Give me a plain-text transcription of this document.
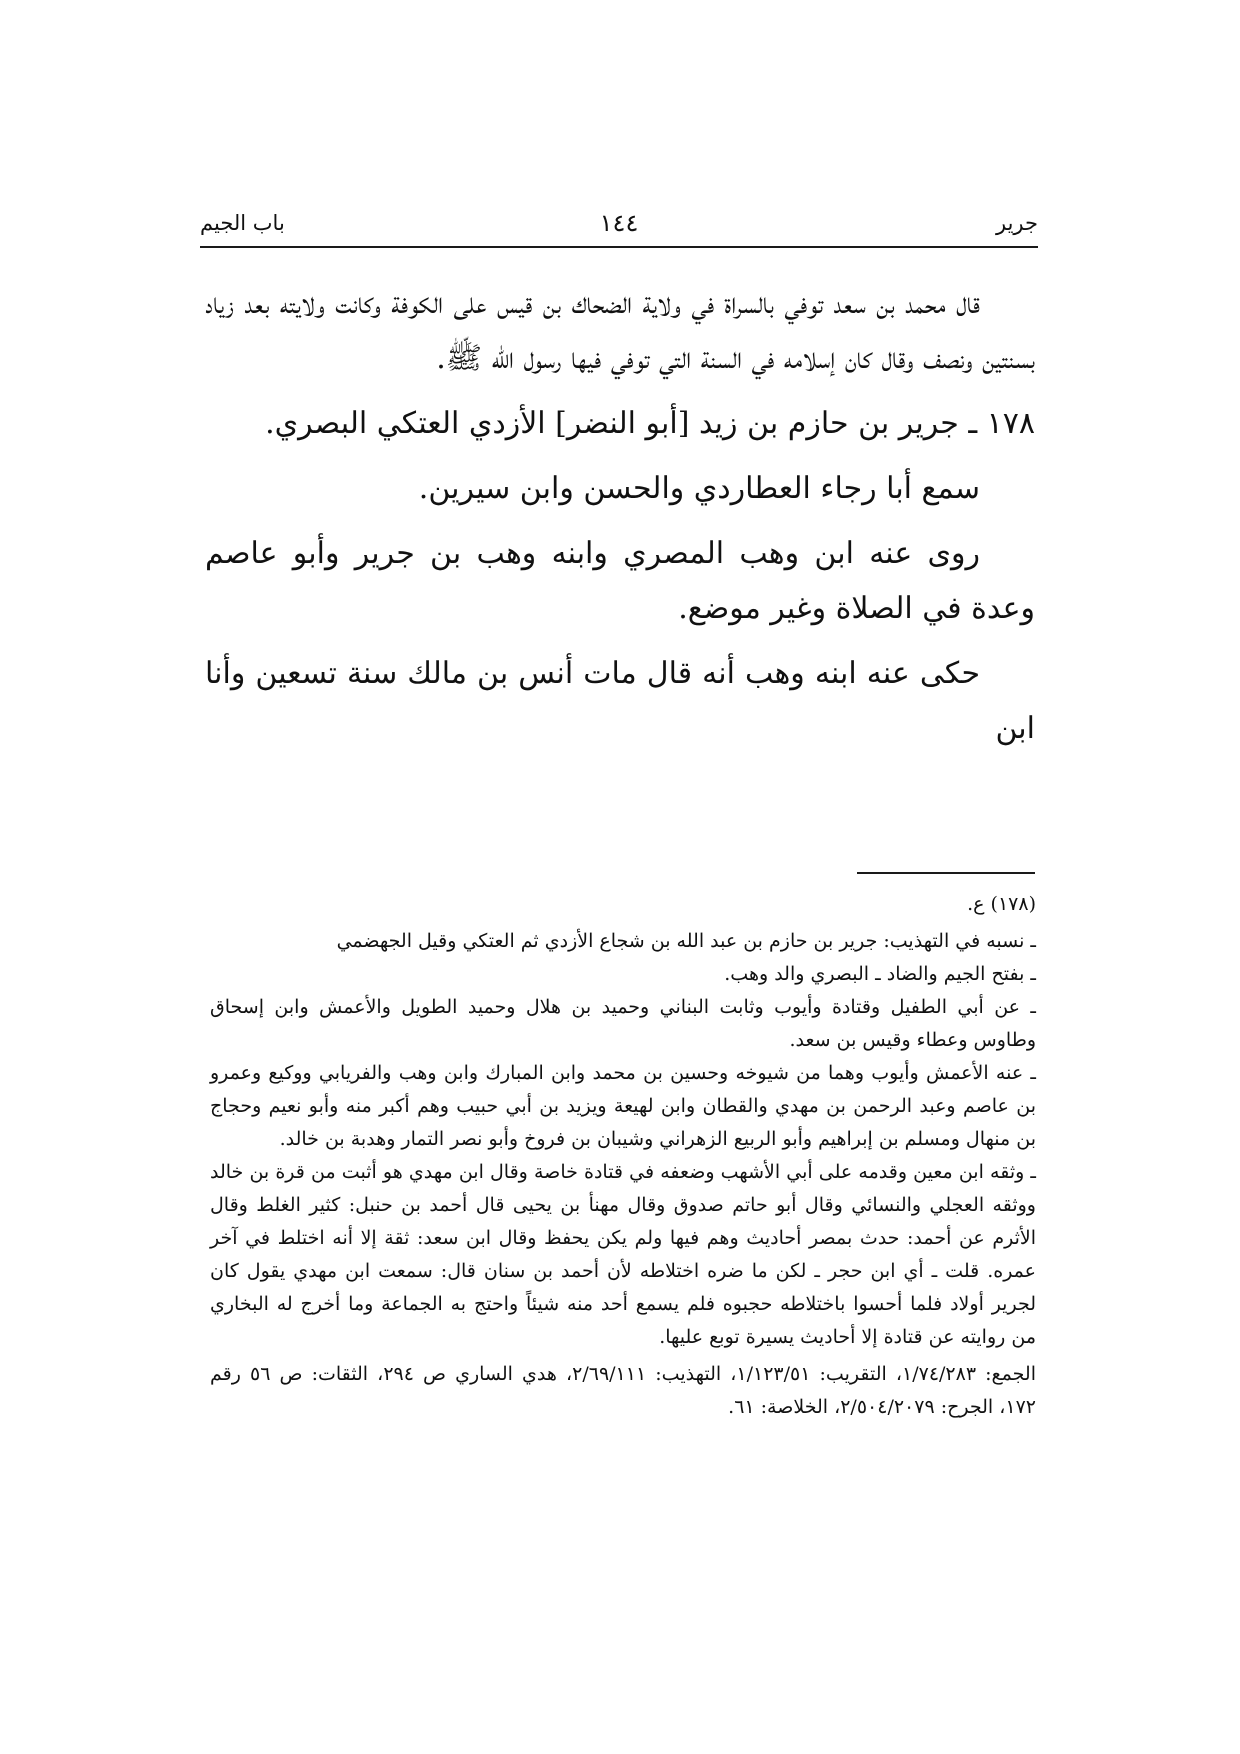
جرير
١٤٤
باب الجيم

قال محمد بن سعد توفي بالسراة في ولاية الضحاك بن قيس على الكوفة وكانت ولايته بعد زياد بسنتين ونصف وقال كان إسلامه في السنة التي توفي فيها رسول الله ﷺ.

١٧٨ ـ جرير بن حازم بن زيد [أبو النضر] الأزدي العتكي البصري.

سمع أبا رجاء العطاردي والحسن وابن سيرين.

روى عنه ابن وهب المصري وابنه وهب بن جرير وأبو عاصم وعدة في الصلاة وغير موضع.

حكى عنه ابنه وهب أنه قال مات أنس بن مالك سنة تسعين وأنا ابن

(١٧٨) ع.

ـ نسبه في التهذيب: جرير بن حازم بن عبد الله بن شجاع الأزدي ثم العتكي وقيل الجهضمي

ـ بفتح الجيم والضاد ـ البصري والد وهب.

ـ عن أبي الطفيل وقتادة وأيوب وثابت البناني وحميد بن هلال وحميد الطويل والأعمش وابن إسحاق وطاوس وعطاء وقيس بن سعد.

ـ عنه الأعمش وأيوب وهما من شيوخه وحسين بن محمد وابن المبارك وابن وهب والفريابي ووكيع وعمرو بن عاصم وعبد الرحمن بن مهدي والقطان وابن لهيعة ويزيد بن أبي حبيب وهم أكبر منه وأبو نعيم وحجاج بن منهال ومسلم بن إبراهيم وأبو الربيع الزهراني وشيبان بن فروخ وأبو نصر التمار وهدبة بن خالد.

ـ وثقه ابن معين وقدمه على أبي الأشهب وضعفه في قتادة خاصة وقال ابن مهدي هو أثبت من قرة بن خالد ووثقه العجلي والنسائي وقال أبو حاتم صدوق وقال مهنأ بن يحيى قال أحمد بن حنبل: كثير الغلط وقال الأثرم عن أحمد: حدث بمصر أحاديث وهم فيها ولم يكن يحفظ وقال ابن سعد: ثقة إلا أنه اختلط في آخر عمره. قلت ـ أي ابن حجر ـ لكن ما ضره اختلاطه لأن أحمد بن سنان قال: سمعت ابن مهدي يقول كان لجرير أولاد فلما أحسوا باختلاطه حجبوه فلم يسمع أحد منه شيئاً واحتج به الجماعة وما أخرج له البخاري من روايته عن قتادة إلا أحاديث يسيرة توبع عليها.

الجمع: ١/٧٤/٢٨٣، التقريب: ١/١٢٣/٥١، التهذيب: ٢/٦٩/١١١، هدي الساري ص ٢٩٤، الثقات: ص ٥٦ رقم ١٧٢، الجرح: ٢/٥٠٤/٢٠٧٩، الخلاصة: ٦١.
